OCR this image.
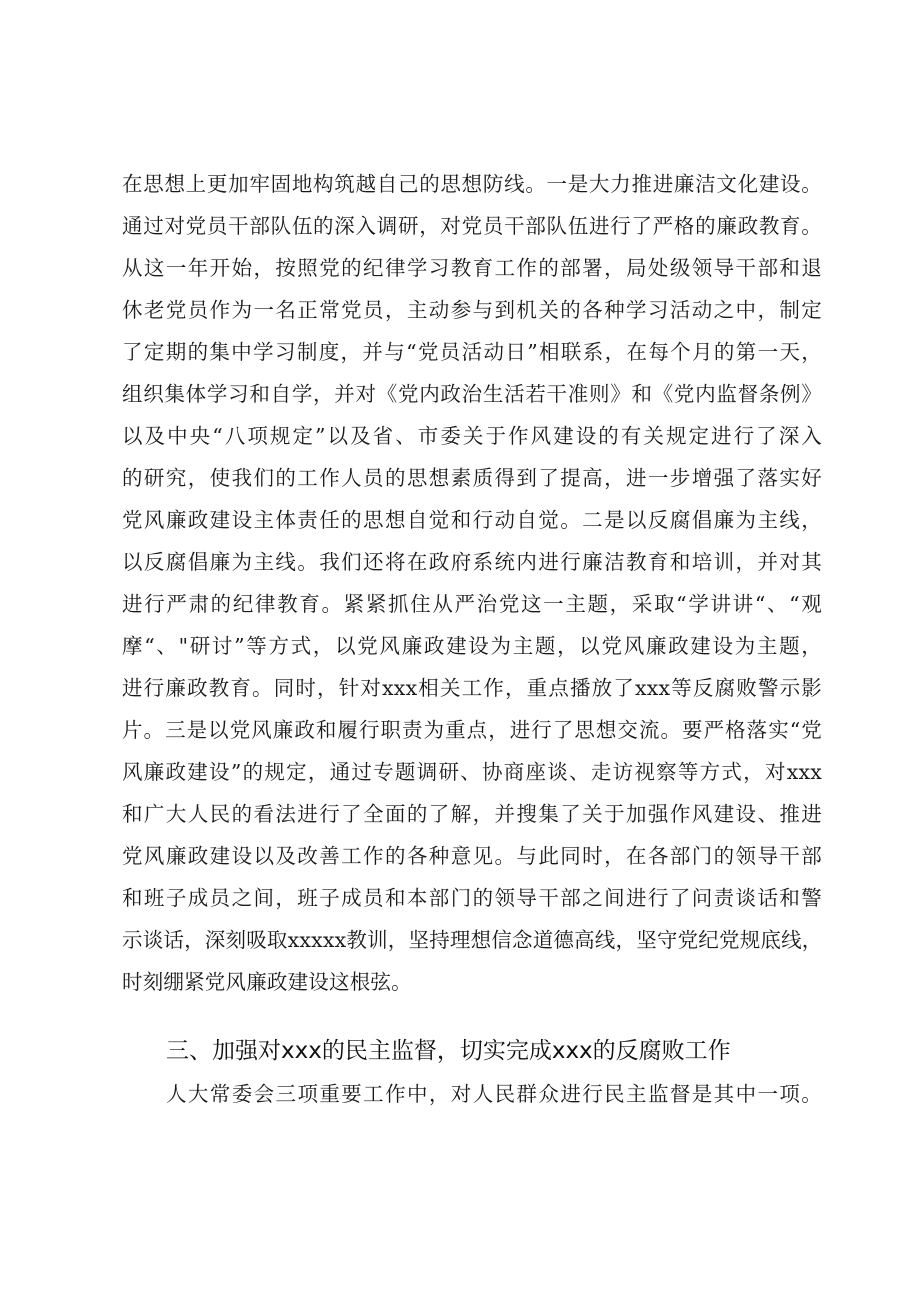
在思想上更加牢固地构筑越自己的思想防线。一是大力推进廉洁文化建设。
通过对党员干部队伍的深入调研，对党员干部队伍进行了严格的廉政教育。
从这一年开始，按照党的纪律学习教育工作的部署，局处级领导干部和退
休老党员作为一名正常党员，主动参与到机关的各种学习活动之中，制定
了定期的集中学习制度，并与“党员活动日”相联系，在每个月的第一天，
组织集体学习和自学，并对《党内政治生活若干准则》和《党内监督条例》
以及中央“八项规定”以及省、市委关于作风建设的有关规定进行了深入
的研究，使我们的工作人员的思想素质得到了提高，进一步增强了落实好
党风廉政建设主体责任的思想自觉和行动自觉。二是以反腐倡廉为主线，
以反腐倡廉为主线。我们还将在政府系统内进行廉洁教育和培训，并对其
进行严肃的纪律教育。紧紧抓住从严治党这一主题，采取“学讲讲“、“观
摩“、"研讨”等方式，以党风廉政建设为主题，以党风廉政建设为主题，
进行廉政教育。同时，针对xxx相关工作，重点播放了xxx等反腐败警示影
片。三是以党风廉政和履行职责为重点，进行了思想交流。要严格落实“党
风廉政建设”的规定，通过专题调研、协商座谈、走访视察等方式，对xxx
和广大人民的看法进行了全面的了解，并搜集了关于加强作风建设、推进
党风廉政建设以及改善工作的各种意见。与此同时，在各部门的领导干部
和班子成员之间，班子成员和本部门的领导干部之间进行了问责谈话和警
示谈话，深刻吸取xxxxx教训，坚持理想信念道德高线，坚守党纪党规底线，
时刻绷紧党风廉政建设这根弦。
三、加强对xxx的民主监督，切实完成xxx的反腐败工作
人大常委会三项重要工作中，对人民群众进行民主监督是其中一项。
